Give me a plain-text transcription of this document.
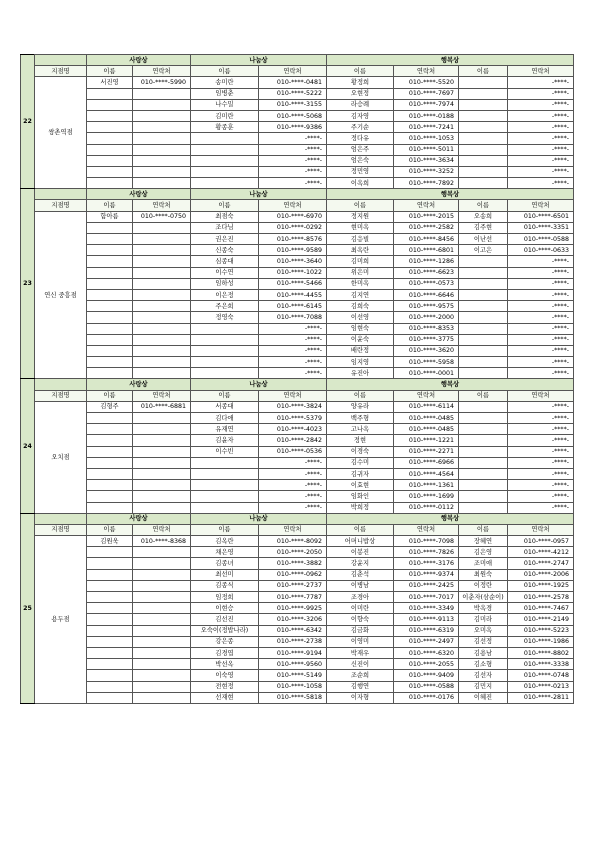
22		사랑상		나눔상		행복상			
	지점명	이름	연락처	이름	연락처	이름	연락처	이름	연락처
	쌍촌역점	서진영	010-****-5990	송미란	010-****-0481	황정희	010-****-5520		-****-
				임병춘	010-****-5222	오현정	010-****-7697		-****-
				나수밀	010-****-3155	라승례	010-****-7974		-****-
				김미란	010-****-5068	김자영	010-****-0188		-****-
				황종훈	010-****-9386	주기순	010-****-7241		-****-
					-****-	정다유	010-****-1053		-****-
					-****-	엄은주	010-****-5011		-****-
					-****-	엄은숙	010-****-3634		-****-
					-****-	정민영	010-****-3252		-****-
					-****-	이옥희	010-****-7892		-****-
23		사랑상		나눔상		행복상			
	지점명	이름	연락처	이름	연락처	이름	연락처	이름	연락처
	연신 중흥점	함아름	010-****-0750	최점숙	010-****-6970	정지원	010-****-2015	오송희	010-****-6501
				조다님	010-****-0292	현미옥	010-****-2582	김주현	010-****-3351
				권은진	010-****-8576	김응빌	010-****-8456	이난선	010-****-0588
				신종숙	010-****-9589	최옥란	010-****-6801	이고은	010-****-0633
				심종대	010-****-3640	김미희	010-****-1286		-****-
				이수연	010-****-1022	위은미	010-****-6623		-****-
				임하성	010-****-5466	한미옥	010-****-0573		-****-
				이은정	010-****-4455	김지연	010-****-6646		-****-
				주은희	010-****-6145	김희숙	010-****-9575		-****-
				정영숙	010-****-7088	이선영	010-****-2000		-****-
					-****-	임현숙	010-****-8353		-****-
					-****-	이윤숙	010-****-3775		-****-
					-****-	배란정	010-****-3620		-****-
					-****-	임지영	010-****-5958		-****-
					-****-	유진아	010-****-0001		-****-
24		사랑상		나눔상		행복상			
	지점명	이름	연락처	이름	연락처	이름	연락처	이름	연락처
	오치점	김형주	010-****-6881	서종대	010-****-3824	양유라	010-****-6114		-****-
				김다애	010-****-5379	백주형	010-****-0485		-****-
				유재연	010-****-4023	고나옥	010-****-0485		-****-
				김윤자	010-****-2842	정현	010-****-1221		-****-
				이수빈	010-****-0536	이경숙	010-****-2271		-****-
					-****-	김수미	010-****-6966		-****-
					-****-	김귀자	010-****-4564		-****-
					-****-	이효현	010-****-1361		-****-
					-****-	임화인	010-****-1699		-****-
					-****-	박희정	010-****-0112		-****-
25		사랑상		나눔상		행복상			
	지점명	이름	연락처	이름	연락처	이름	연락처	이름	연락처
	용두점	김원욱	010-****-8368	김옥란	010-****-8092	어머니밥상	010-****-7098	장혜연	010-****-0957
				채은영	010-****-2050	이봉진	010-****-7826	김은영	010-****-4212
				김종녀	010-****-3882	강윤지	010-****-3176	조미애	010-****-2747
				최선미	010-****-0962	김춘석	010-****-9374	최원숙	010-****-2006
				김종식	010-****-2737	이병남	010-****-2425	이정란	010-****-1925
				임정희	010-****-7787	조경아	010-****-7017	이춘자(삼순이)	010-****-2578
				이현승	010-****-9925	이미란	010-****-3349	박옥경	010-****-7467
				김선진	010-****-3206	이향숙	010-****-9113	김미라	010-****-2149
				오숙이(정밥나라)	010-****-6342	김금화	010-****-6319	오미옥	010-****-5223
				강은종	010-****-2738	이영미	010-****-2497	김선정	010-****-1986
				김경엽	010-****-9194	박재우	010-****-6320	김용남	010-****-8802
				박선옥	010-****-9560	신진이	010-****-2055	김소형	010-****-3338
				이숙영	010-****-5149	조순희	010-****-9409	김선자	010-****-0748
				전현정	010-****-1058	김행연	010-****-0588	김민지	010-****-0213
				선재현	010-****-5818	이자형	010-****-0176	이혜진	010-****-2811
